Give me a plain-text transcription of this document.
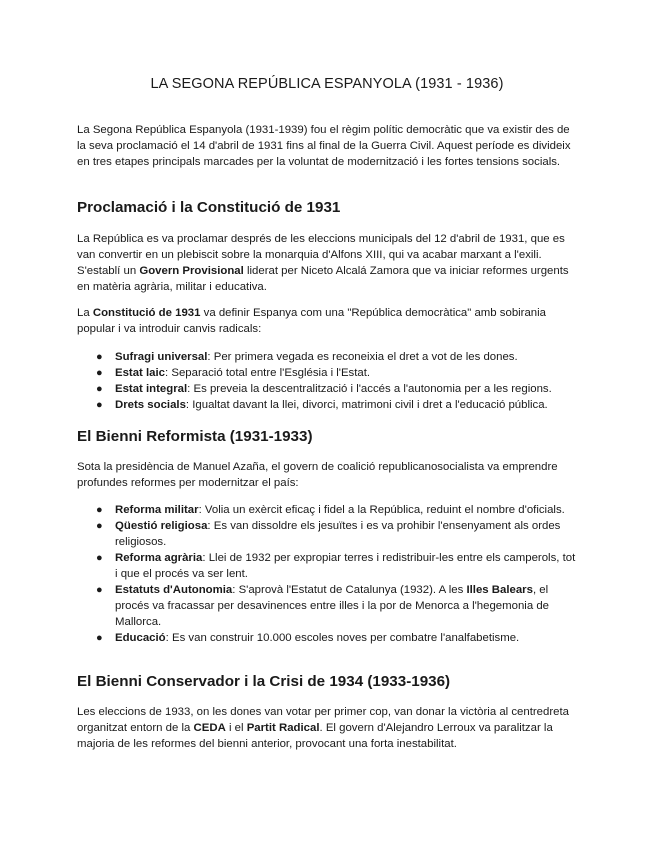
LA SEGONA REPÚBLICA ESPANYOLA (1931 - 1936)

La Segona República Espanyola (1931-1939) fou el règim polític democràtic que va existir des de la seva proclamació el 14 d'abril de 1931 fins al final de la Guerra Civil. Aquest període es divideix en tres etapes principals marcades per la voluntat de modernització i les fortes tensions socials.

Proclamació i la Constitució de 1931

La República es va proclamar després de les eleccions municipals del 12 d'abril de 1931, que es van convertir en un plebiscit sobre la monarquia d'Alfons XIII, qui va acabar marxant a l'exili. S'establí un Govern Provisional liderat per Niceto Alcalá Zamora que va iniciar reformes urgents en matèria agrària, militar i educativa.

La Constitució de 1931 va definir Espanya com una "República democràtica" amb sobirania popular i va introduir canvis radicals:

● Sufragi universal: Per primera vegada es reconeixia el dret a vot de les dones.
● Estat laic: Separació total entre l'Església i l'Estat.
● Estat integral: Es preveia la descentralització i l'accés a l'autonomia per a les regions.
● Drets socials: Igualtat davant la llei, divorci, matrimoni civil i dret a l'educació pública.
El Bienni Reformista (1931-1933)

Sota la presidència de Manuel Azaña, el govern de coalició republicanosocialista va emprendre profundes reformes per modernitzar el país:

● Reforma militar: Volia un exèrcit eficaç i fidel a la República, reduint el nombre d'oficials.
● Qüestió religiosa: Es van dissoldre els jesuïtes i es va prohibir l'ensenyament als ordes religiosos.
● Reforma agrària: Llei de 1932 per expropiar terres i redistribuir-les entre els camperols, tot i que el procés va ser lent.
● Estatuts d'Autonomia: S'aprovà l'Estatut de Catalunya (1932). A les Illes Balears, el procés va fracassar per desavinences entre illes i la por de Menorca a l'hegemonia de Mallorca.
● Educació: Es van construir 10.000 escoles noves per combatre l'analfabetisme.
El Bienni Conservador i la Crisi de 1934 (1933-1936)

Les eleccions de 1933, on les dones van votar per primer cop, van donar la victòria al centredreta organitzat entorn de la CEDA i el Partit Radical. El govern d'Alejandro Lerroux va paralitzar la majoria de les reformes del bienni anterior, provocant una forta inestabilitat.
